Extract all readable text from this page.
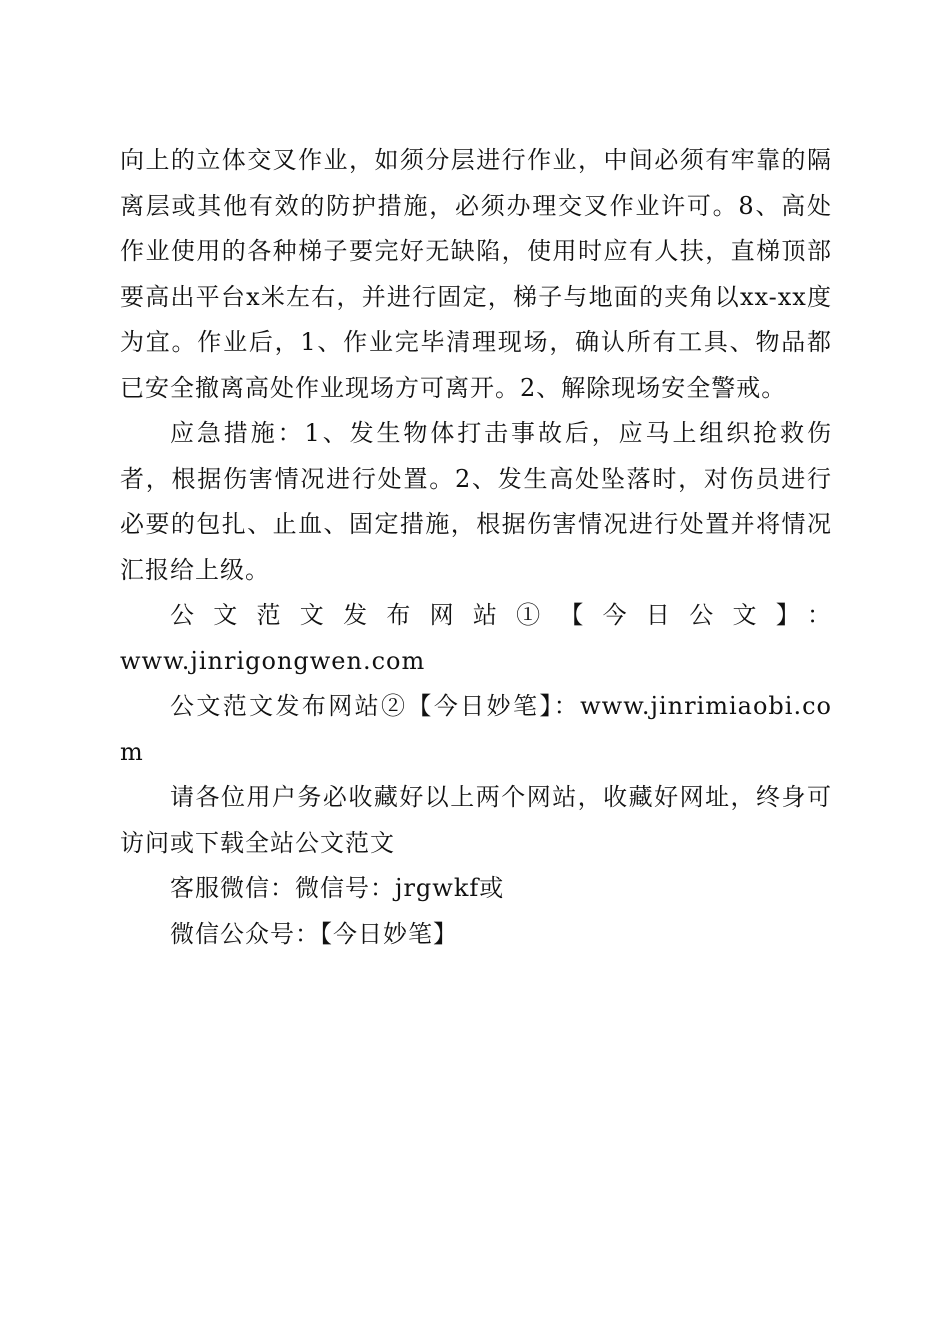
向上的立体交叉作业，如须分层进行作业，中间必须有牢靠的隔离层或其他有效的防护措施，必须办理交叉作业许可。8、高处作业使用的各种梯子要完好无缺陷，使用时应有人扶，直梯顶部要高出平台x米左右，并进行固定，梯子与地面的夹角以xx-xx度为宜。作业后，1、作业完毕清理现场，确认所有工具、物品都已安全撤离高处作业现场方可离开。2、解除现场安全警戒。

应急措施：1、发生物体打击事故后，应马上组织抢救伤者，根据伤害情况进行处置。2、发生高处坠落时，对伤员进行必要的包扎、止血、固定措施，根据伤害情况进行处置并将情况汇报给上级。

公文范文发布网站①【今日公文】：
www.jinrigongwen.com

公文范文发布网站②【今日妙笔】：www.jinrimiaobi.com

请各位用户务必收藏好以上两个网站，收藏好网址，终身可访问或下载全站公文范文

客服微信：微信号：jrgwkf或

微信公众号：【今日妙笔】
